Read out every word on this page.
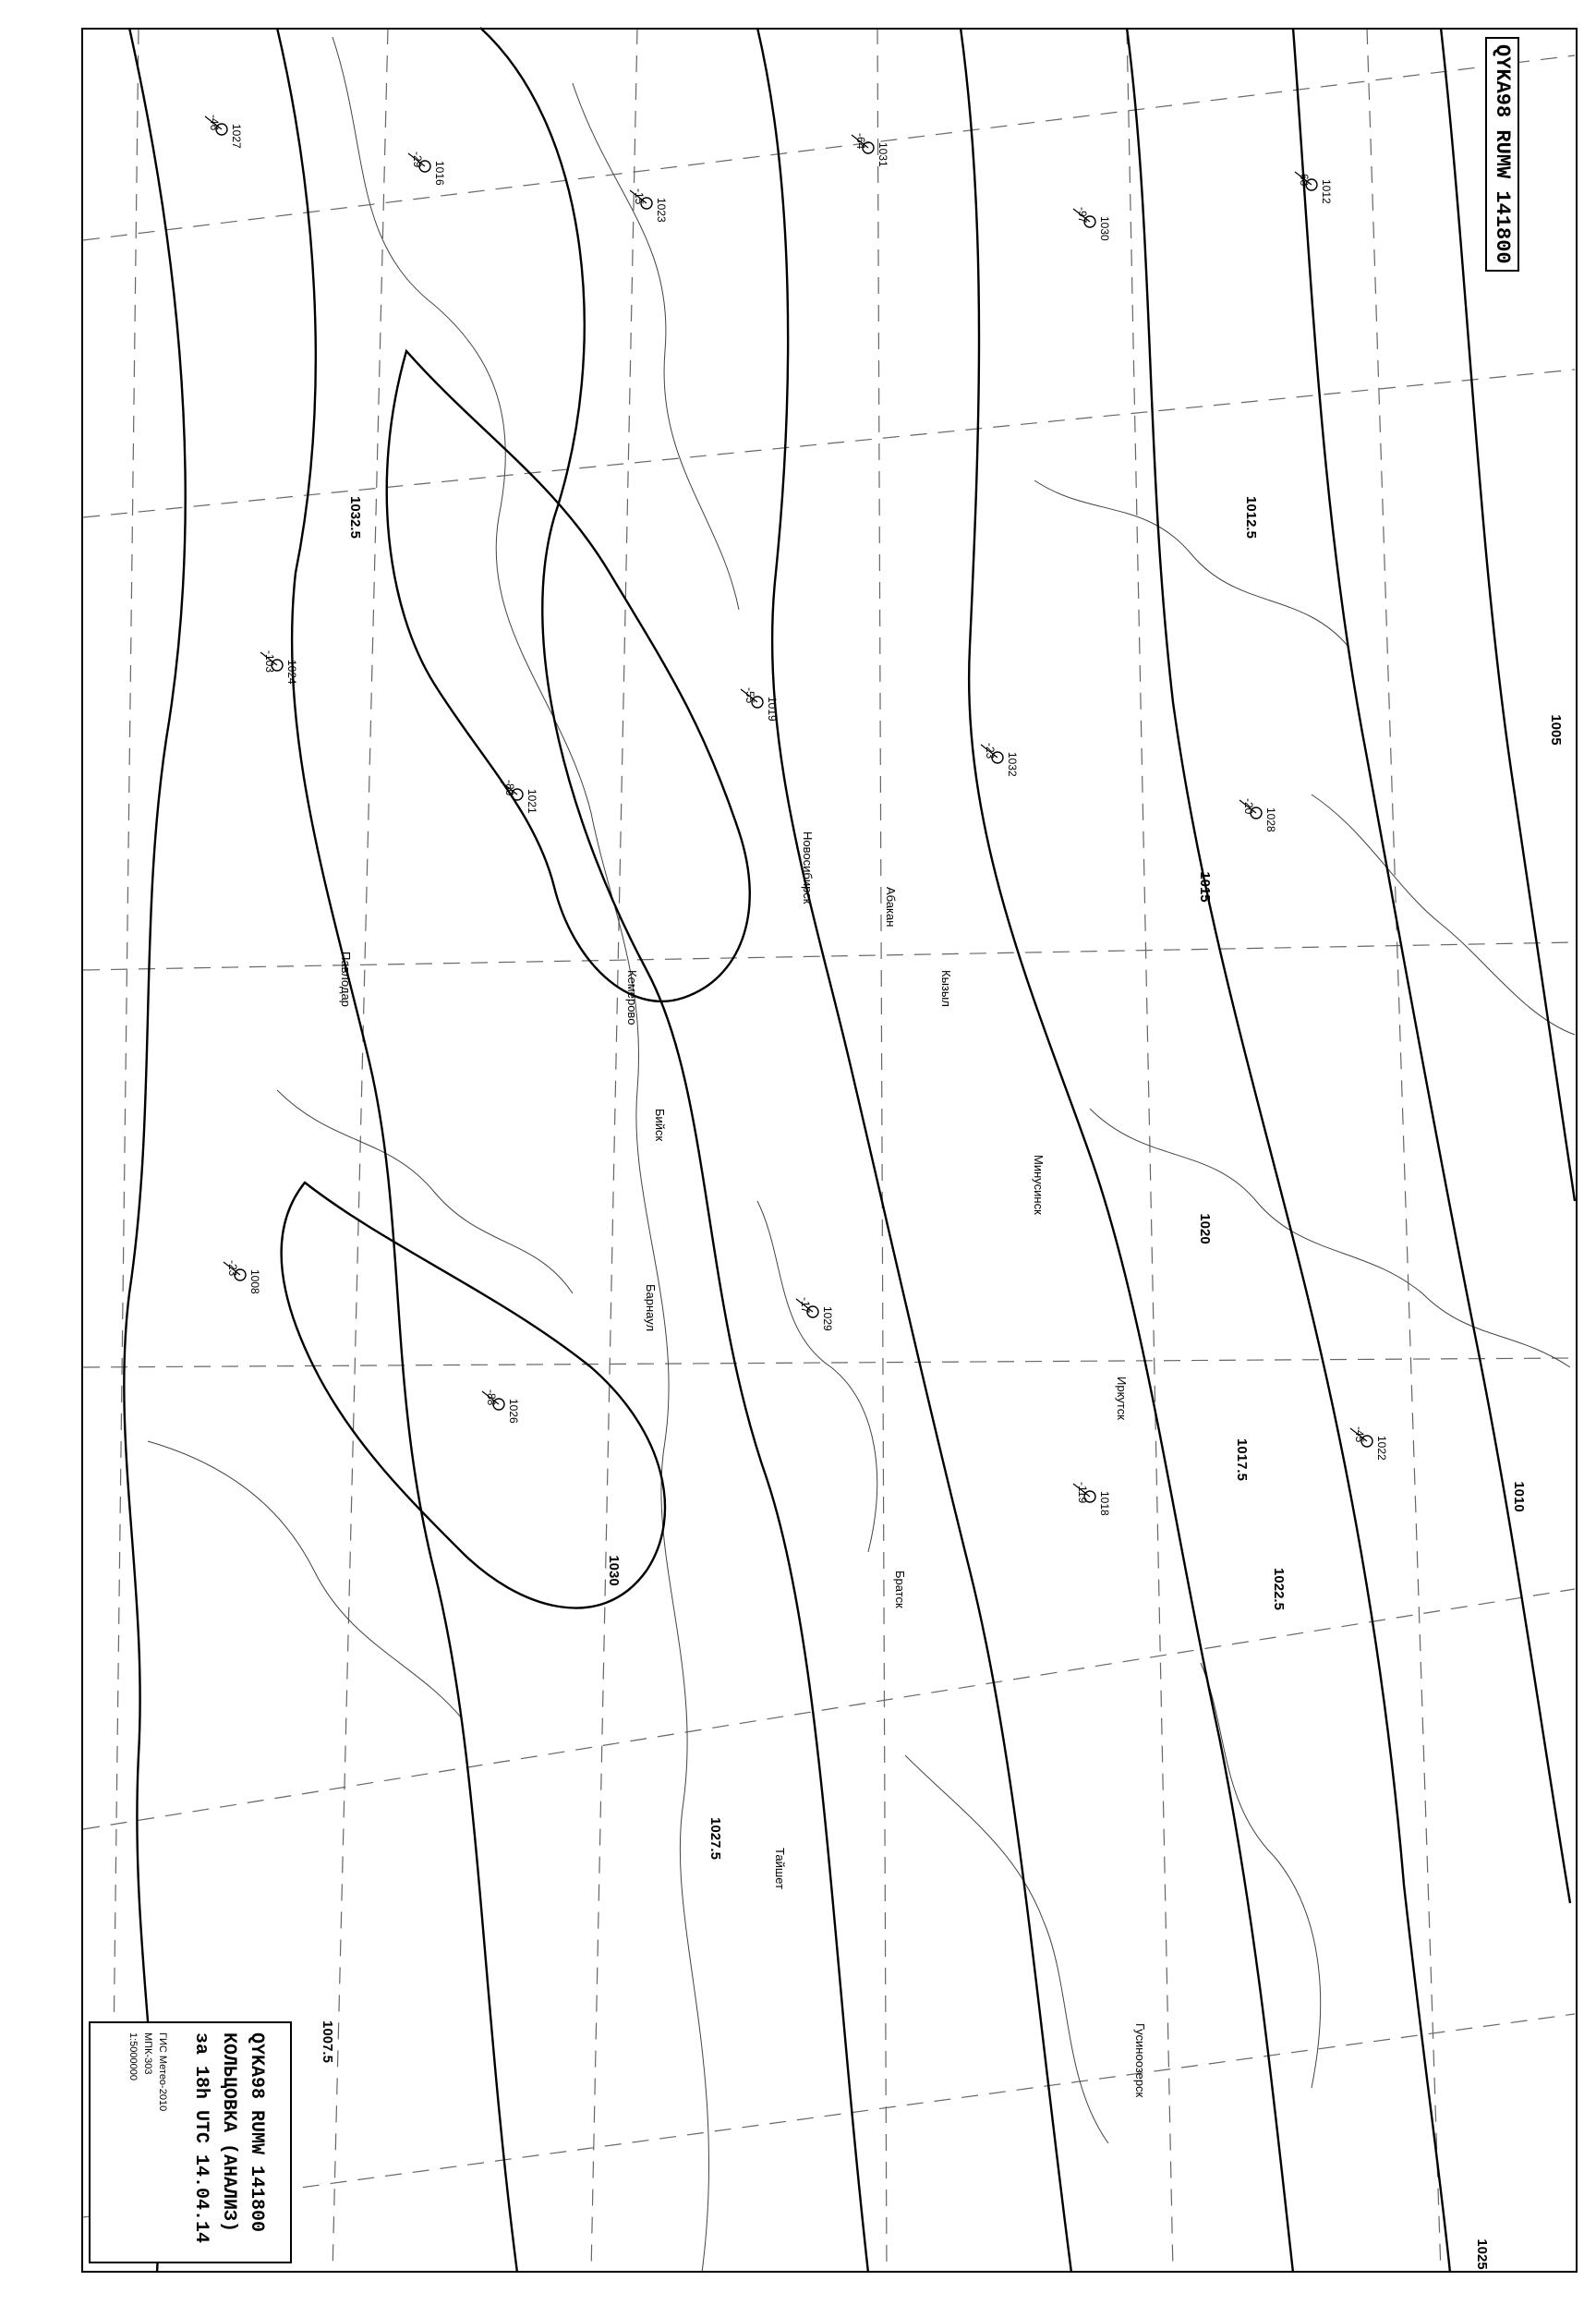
1005
1007.5
1010
1012.5
1015
1017.5
1020
1022.5
1025
1027.5
1030
1032.5
1027
-46
1016
-29
1023
-15
1031
-64
1030
-97
1012
-68
1024
-103
1021
-80
1019
-55
1032
-23
1028
-20
1008
-23
1026
-88
1029
-17
1018
-119
1022
-45
Павлодар
Барнаул
Бийск
Абакан
Кызыл
Минусинск
Новосибирск
Тайшет
Братск
Иркутск
Гусиноозерск
Кемерово
QYKA98 RUMW 141800
QYKA98 RUMW 141800
КОЛЬЦОВКА (АНАЛИЗ)
за 18h UTC 14.04.14
ГИС Метео-2010
МПК-303
1:5000000
